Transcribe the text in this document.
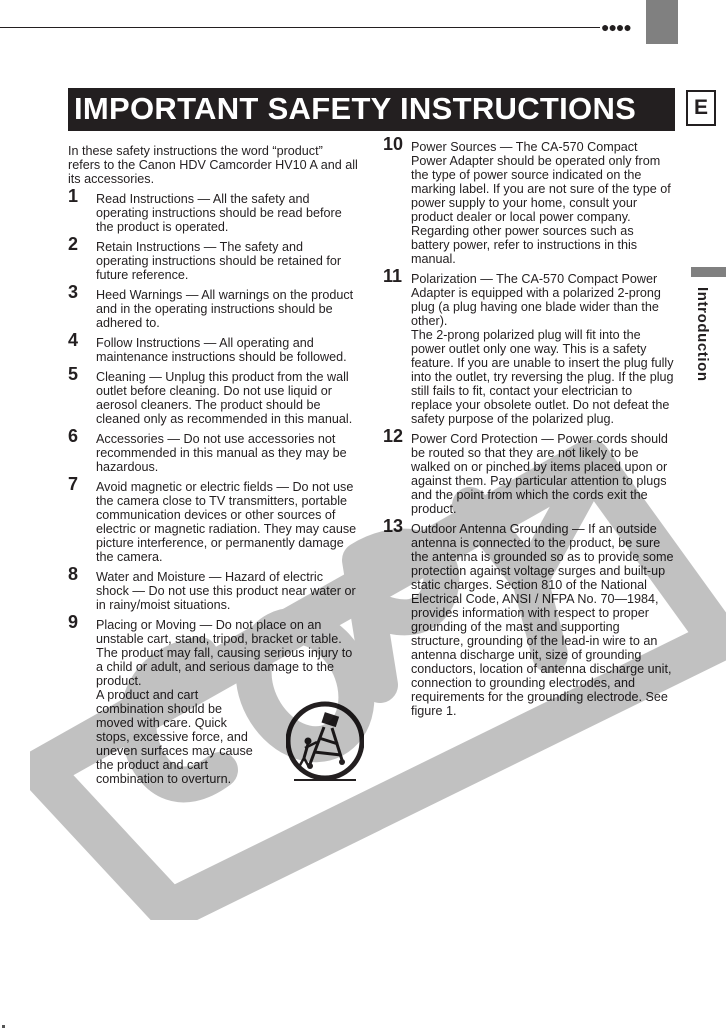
●●●●
IMPORTANT SAFETY INSTRUCTIONS	E
Introduction

In these safety instructions the word “product” refers to the Canon HDV Camcorder HV10 A and all its accessories.

1 Read Instructions — All the safety and operating instructions should be read before the product is operated.
2 Retain Instructions — The safety and operating instructions should be retained for future reference.
3 Heed Warnings — All warnings on the product and in the operating instructions should be adhered to.
4 Follow Instructions — All operating and maintenance instructions should be followed.
5 Cleaning — Unplug this product from the wall outlet before cleaning. Do not use liquid or aerosol cleaners. The product should be cleaned only as recommended in this manual.
6 Accessories — Do not use accessories not recommended in this manual as they may be hazardous.
7 Avoid magnetic or electric fields — Do not use the camera close to TV transmitters, portable communication devices or other sources of electric or magnetic radiation. They may cause picture interference, or permanently damage the camera.
8 Water and Moisture — Hazard of electric shock — Do not use this product near water or in rainy/moist situations.
9 Placing or Moving — Do not place on an unstable cart, stand, tripod, bracket or table. The product may fall, causing serious injury to a child or adult, and serious damage to the product.
A product and cart combination should be moved with care. Quick stops, excessive force, and uneven surfaces may cause the product and cart combination to overturn.
10 Power Sources — The CA-570 Compact Power Adapter should be operated only from the type of power source indicated on the marking label. If you are not sure of the type of power supply to your home, consult your product dealer or local power company. Regarding other power sources such as battery power, refer to instructions in this manual.
11 Polarization — The CA-570 Compact Power Adapter is equipped with a polarized 2-prong plug (a plug having one blade wider than the other).
The 2-prong polarized plug will fit into the power outlet only one way. This is a safety feature. If you are unable to insert the plug fully into the outlet, try reversing the plug. If the plug still fails to fit, contact your electrician to replace your obsolete outlet. Do not defeat the safety purpose of the polarized plug.
12 Power Cord Protection — Power cords should be routed so that they are not likely to be walked on or pinched by items placed upon or against them. Pay particular attention to plugs and the point from which the cords exit the product.
13 Outdoor Antenna Grounding — If an outside antenna is connected to the product, be sure the antenna is grounded so as to provide some protection against voltage surges and built-up static charges. Section 810 of the National Electrical Code, ANSI / NFPA No. 70—1984, provides information with respect to proper grounding of the mast and supporting structure, grounding of the lead-in wire to an antenna discharge unit, size of grounding conductors, location of antenna discharge unit, connection to grounding electrodes, and requirements for the grounding electrode. See figure 1.
